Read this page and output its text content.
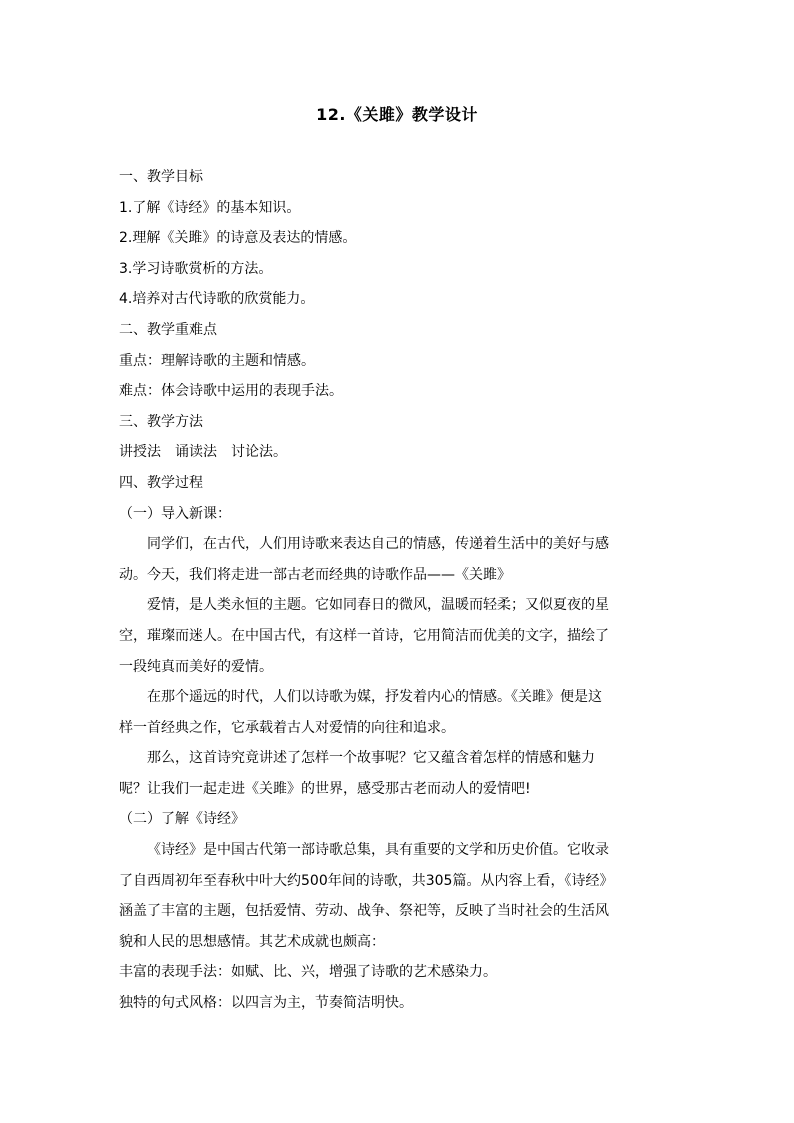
12.《关雎》教学设计
一、教学目标
1.了解《诗经》的基本知识。
2.理解《关雎》的诗意及表达的情感。
3.学习诗歌赏析的方法。
4.培养对古代诗歌的欣赏能力。
二、教学重难点
重点：理解诗歌的主题和情感。
难点：体会诗歌中运用的表现手法。
三、教学方法
讲授法　诵读法　讨论法。
四、教学过程
（一）导入新课：
同学们，在古代，人们用诗歌来表达自己的情感，传递着生活中的美好与感
动。今天，我们将走进一部古老而经典的诗歌作品——《关雎》
爱情，是人类永恒的主题。它如同春日的微风，温暖而轻柔；又似夏夜的星
空，璀璨而迷人。在中国古代，有这样一首诗，它用简洁而优美的文字，描绘了
一段纯真而美好的爱情。
在那个遥远的时代，人们以诗歌为媒，抒发着内心的情感。《关雎》便是这
样一首经典之作，它承载着古人对爱情的向往和追求。
那么，这首诗究竟讲述了怎样一个故事呢？它又蕴含着怎样的情感和魅力
呢？让我们一起走进《关雎》的世界，感受那古老而动人的爱情吧!
（二）了解《诗经》
《诗经》是中国古代第一部诗歌总集，具有重要的文学和历史价值。它收录
了自西周初年至春秋中叶大约500年间的诗歌，共305篇。从内容上看，《诗经》
涵盖了丰富的主题，包括爱情、劳动、战争、祭祀等，反映了当时社会的生活风
貌和人民的思想感情。其艺术成就也颇高：
丰富的表现手法：如赋、比、兴，增强了诗歌的艺术感染力。
独特的句式风格：以四言为主，节奏简洁明快。
